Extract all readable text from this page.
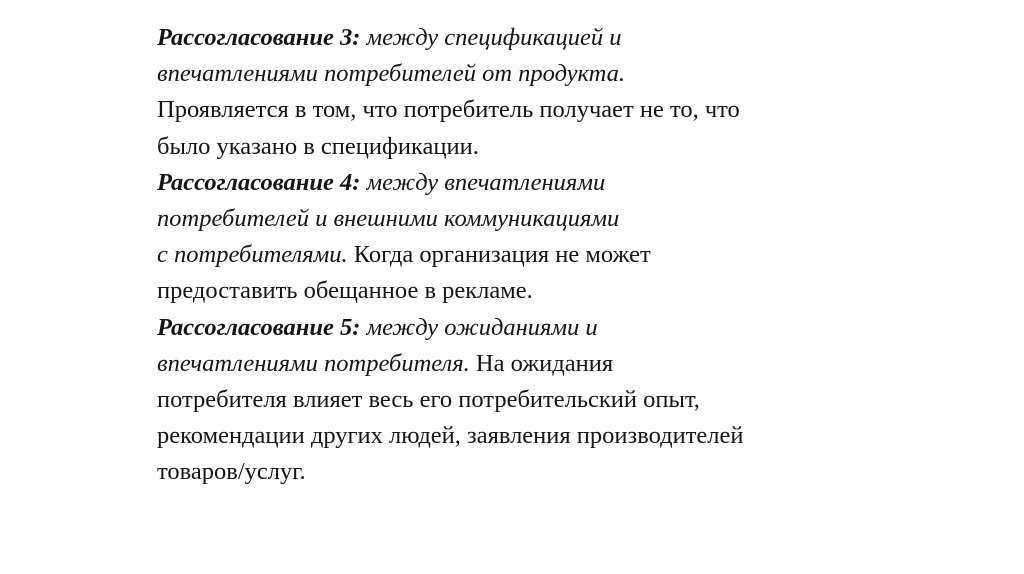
Рассогласование 3: между спецификацией и
впечатлениями потребителей от продукта.
Проявляется в том, что потребитель получает не то, что
было указано в спецификации.
Рассогласование 4: между впечатлениями
потребителей и внешними коммуникациями
с потребителями. Когда организация не может
предоставить обещанное в рекламе.
Рассогласование 5: между ожиданиями и
впечатлениями потребителя. На ожидания
потребителя влияет весь его потребительский опыт,
рекомендации других людей, заявления производителей
товаров/услуг.
